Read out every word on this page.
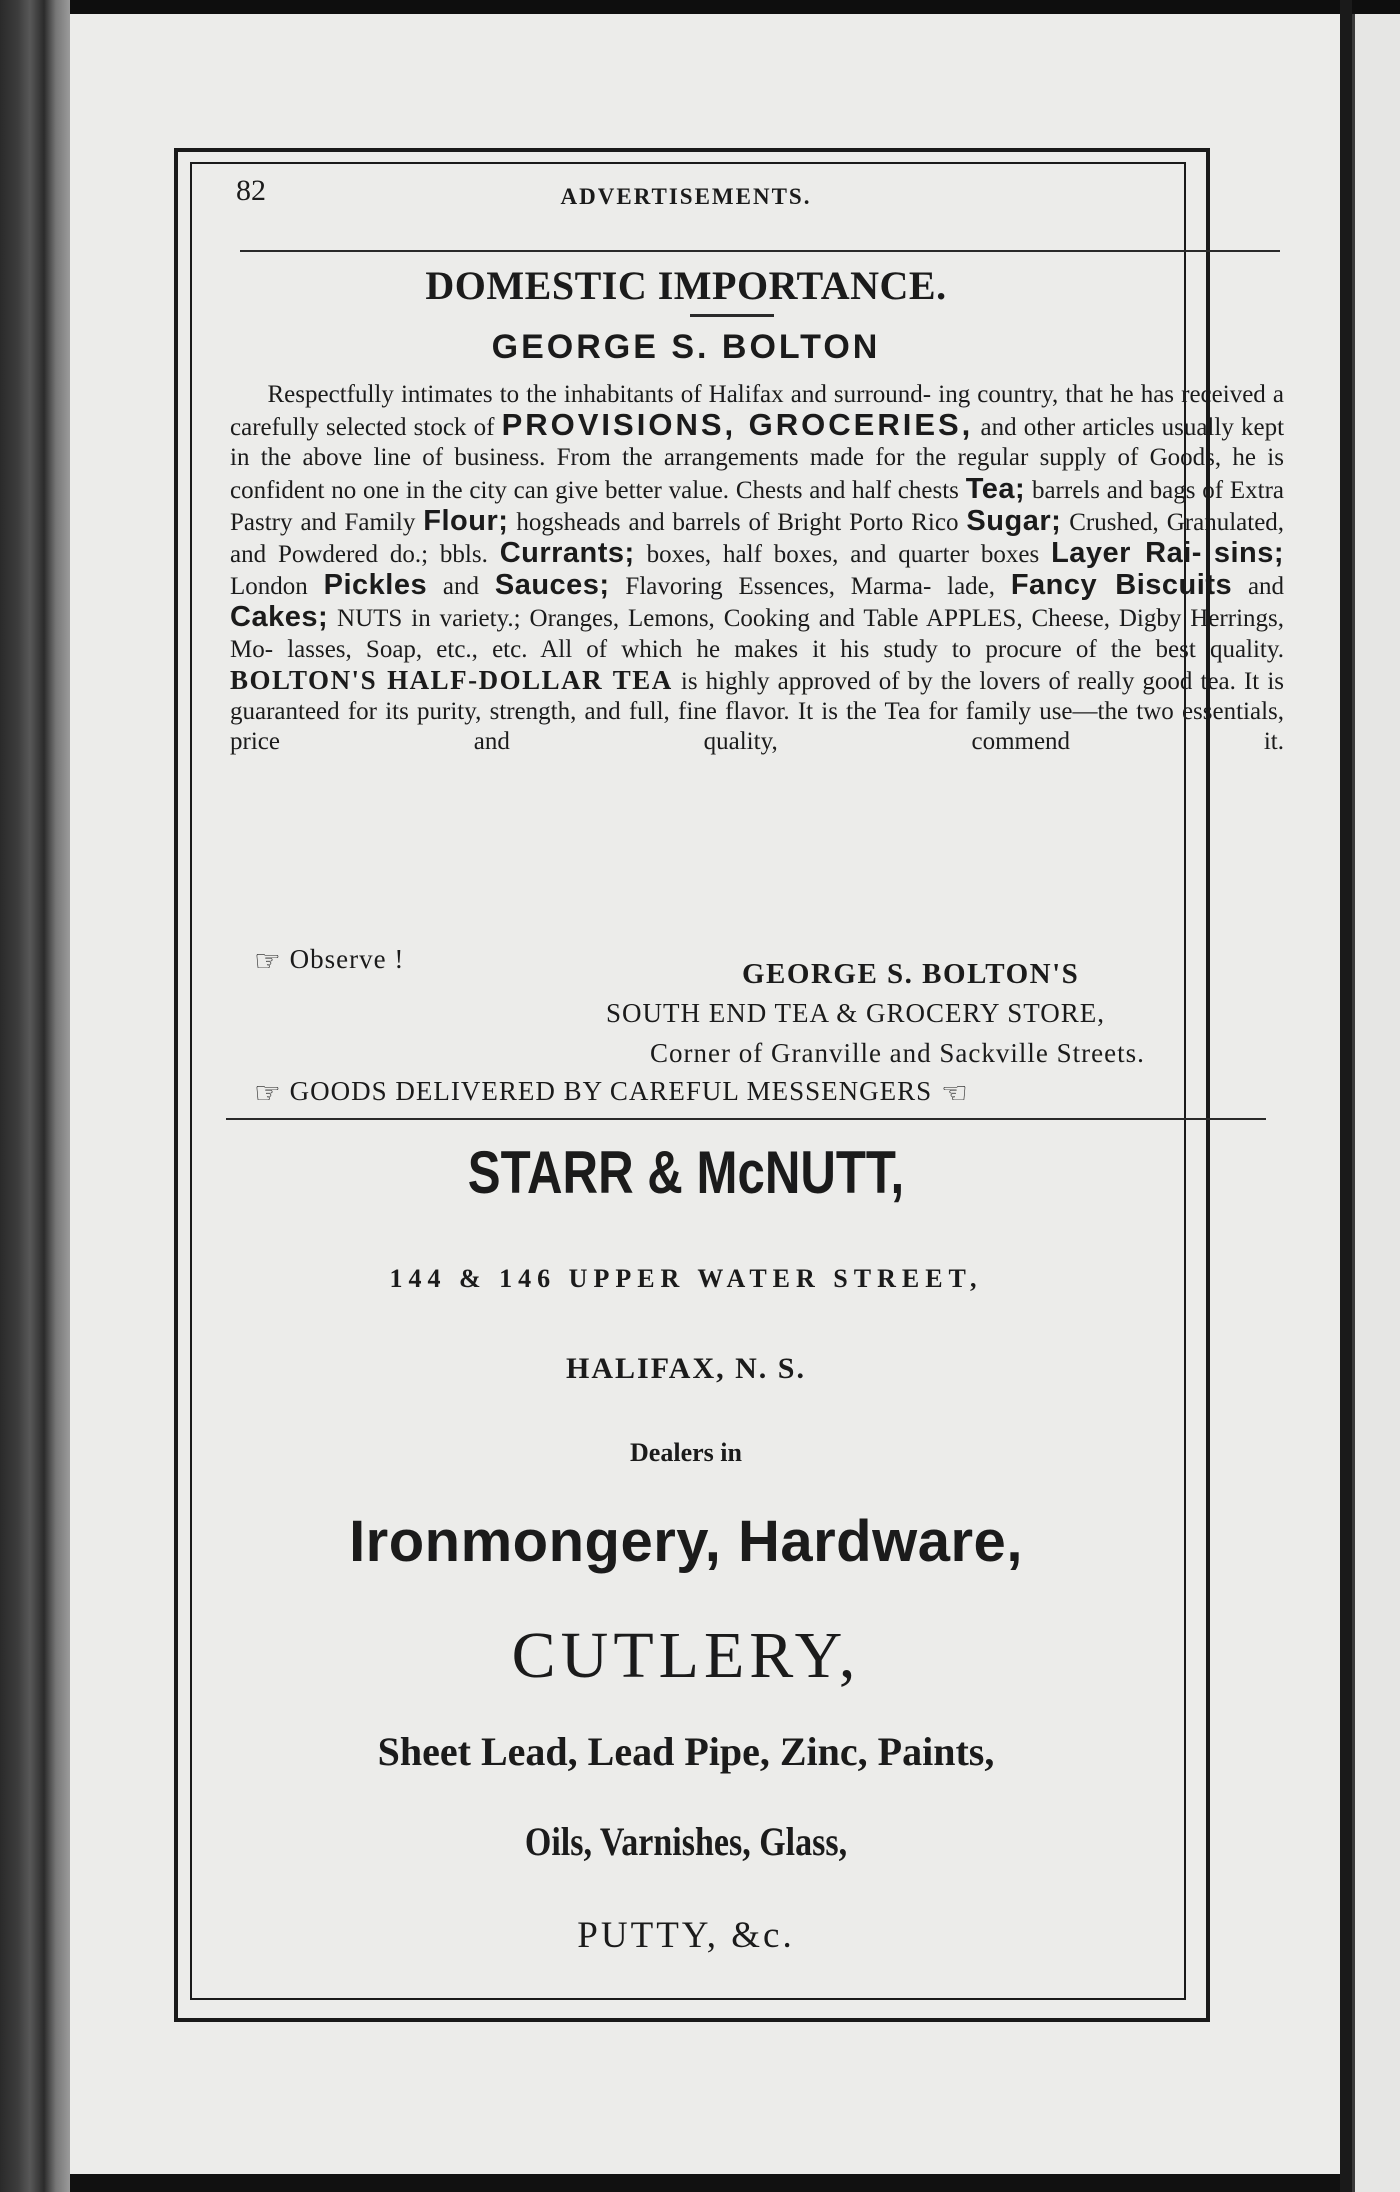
82	ADVERTISEMENTS.
DOMESTIC IMPORTANCE.
GEORGE S. BOLTON
  Respectfully intimates to the inhabitants of Halifax and surround- ing country, that he has received a carefully selected stock of PROVISIONS, GROCERIES, and other articles usually kept in the above line of business. From the arrangements made for the regular supply of Goods, he is confident no one in the city can give better value. Chests and half chests Tea; barrels and bags of Extra Pastry and Family Flour; hogsheads and barrels of Bright Porto Rico Sugar; Crushed, Granulated, and Powdered do.; bbls. Currants; boxes, half boxes, and quarter boxes Layer Rai- sins; London Pickles and Sauces; Flavoring Essences, Marma- lade, Fancy Biscuits and Cakes; NUTS in variety.; Oranges, Lemons, Cooking and Table APPLES, Cheese, Digby Herrings, Mo- lasses, Soap, etc., etc. All of which he makes it his study to procure of the best quality. BOLTON'S HALF-DOLLAR TEA is highly approved of by the lovers of really good tea. It is guaranteed for its purity, strength, and full, fine flavor. It is the Tea for family use—the two essentials, price and quality, commend it.
☞ Observe !	GEORGE S. BOLTON'S
SOUTH END TEA & GROCERY STORE,
Corner of Granville and Sackville Streets.
☞ GOODS DELIVERED BY CAREFUL MESSENGERS ☞
STARR & McNUTT,
144 & 146 UPPER WATER STREET,
HALIFAX, N. S.
Dealers in
Ironmongery, Hardware,
CUTLERY,
Sheet Lead, Lead Pipe, Zinc, Paints,
Oils, Varnishes, Glass,
PUTTY, &c.
